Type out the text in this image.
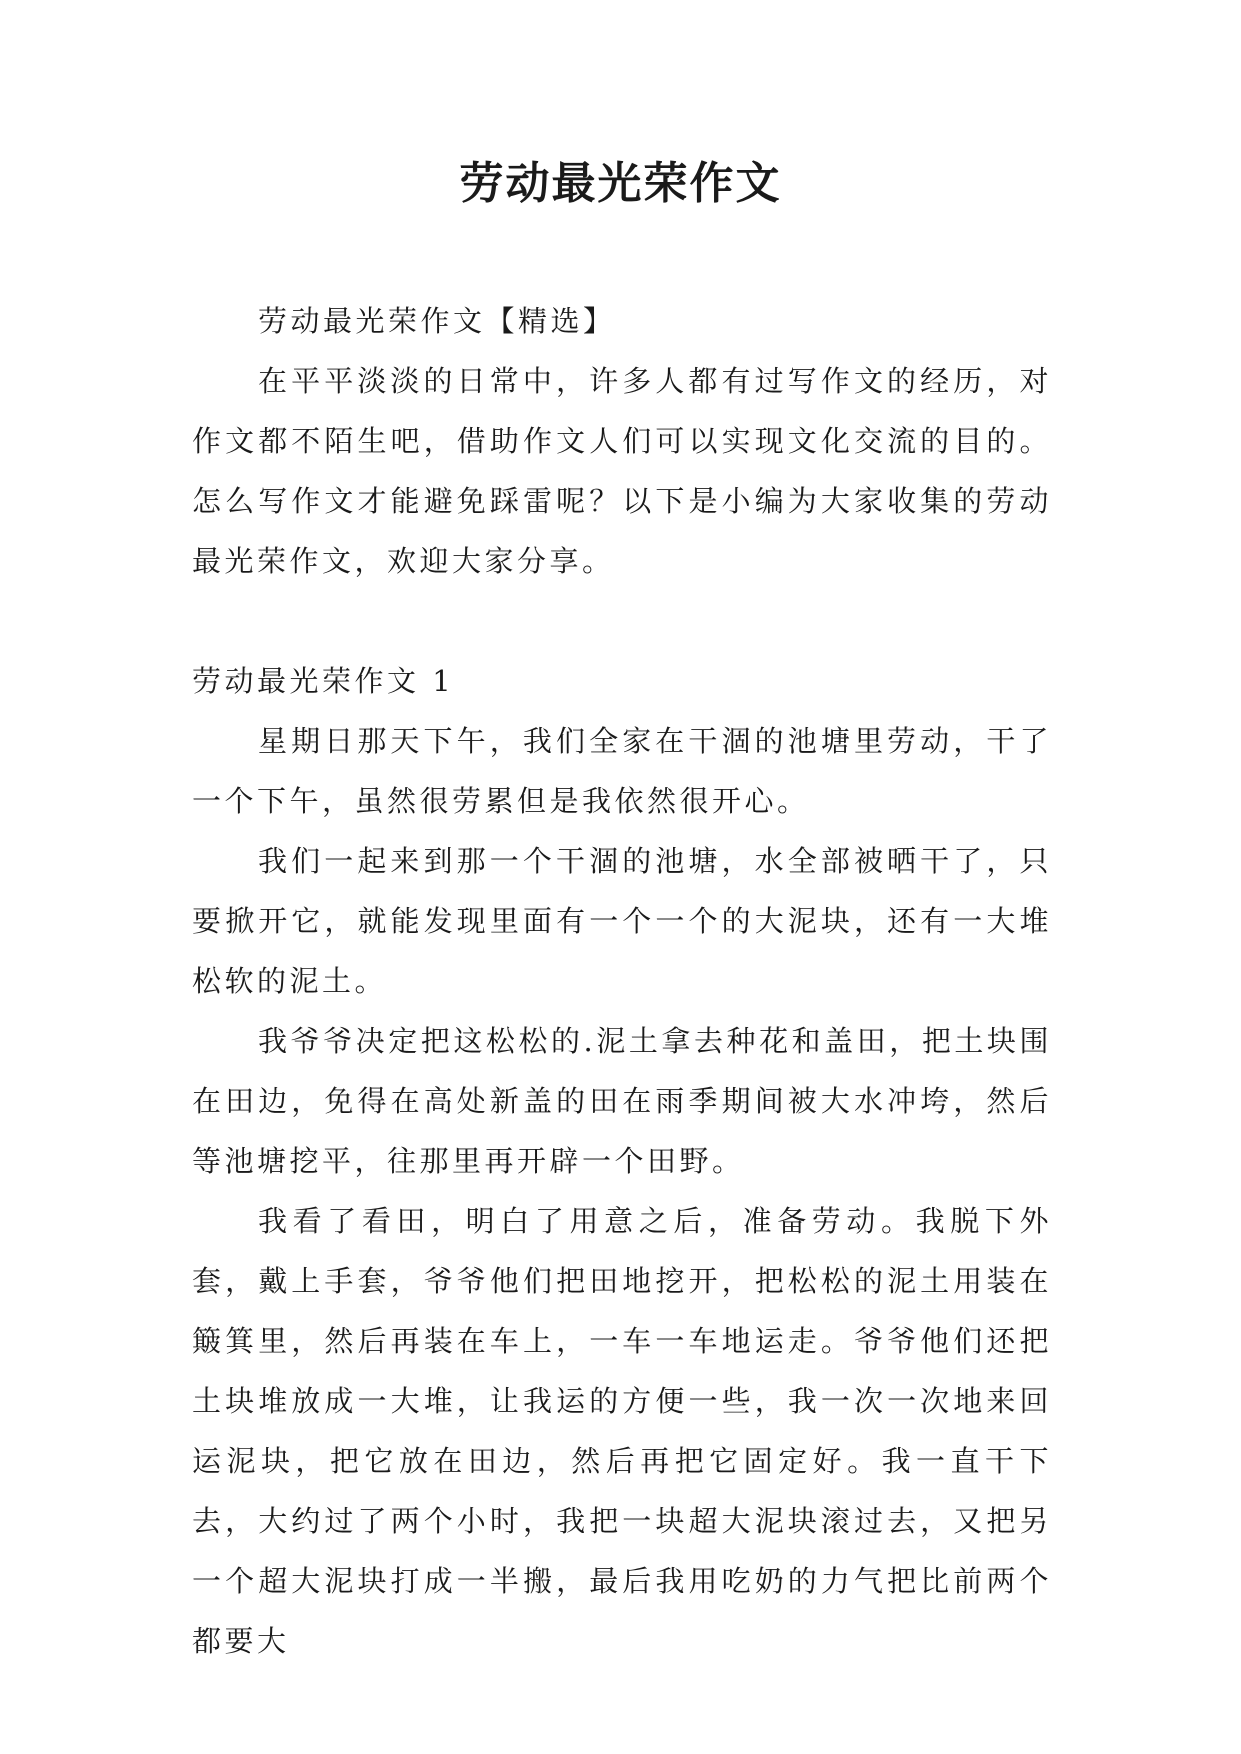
劳动最光荣作文

劳动最光荣作文【精选】

在平平淡淡的日常中，许多人都有过写作文的经历，对作文都不陌生吧，借助作文人们可以实现文化交流的目的。怎么写作文才能避免踩雷呢？以下是小编为大家收集的劳动最光荣作文，欢迎大家分享。

劳动最光荣作文 1

星期日那天下午，我们全家在干涸的池塘里劳动，干了一个下午，虽然很劳累但是我依然很开心。

我们一起来到那一个干涸的池塘，水全部被晒干了，只要掀开它，就能发现里面有一个一个的大泥块，还有一大堆松软的泥土。

我爷爷决定把这松松的.泥土拿去种花和盖田，把土块围在田边，免得在高处新盖的田在雨季期间被大水冲垮，然后等池塘挖平，往那里再开辟一个田野。

我看了看田，明白了用意之后，准备劳动。我脱下外套，戴上手套，爷爷他们把田地挖开，把松松的泥土用装在簸箕里，然后再装在车上，一车一车地运走。爷爷他们还把土块堆放成一大堆，让我运的方便一些，我一次一次地来回运泥块，把它放在田边，然后再把它固定好。我一直干下去，大约过了两个小时，我把一块超大泥块滚过去，又把另一个超大泥块打成一半搬，最后我用吃奶的力气把比前两个都要大
